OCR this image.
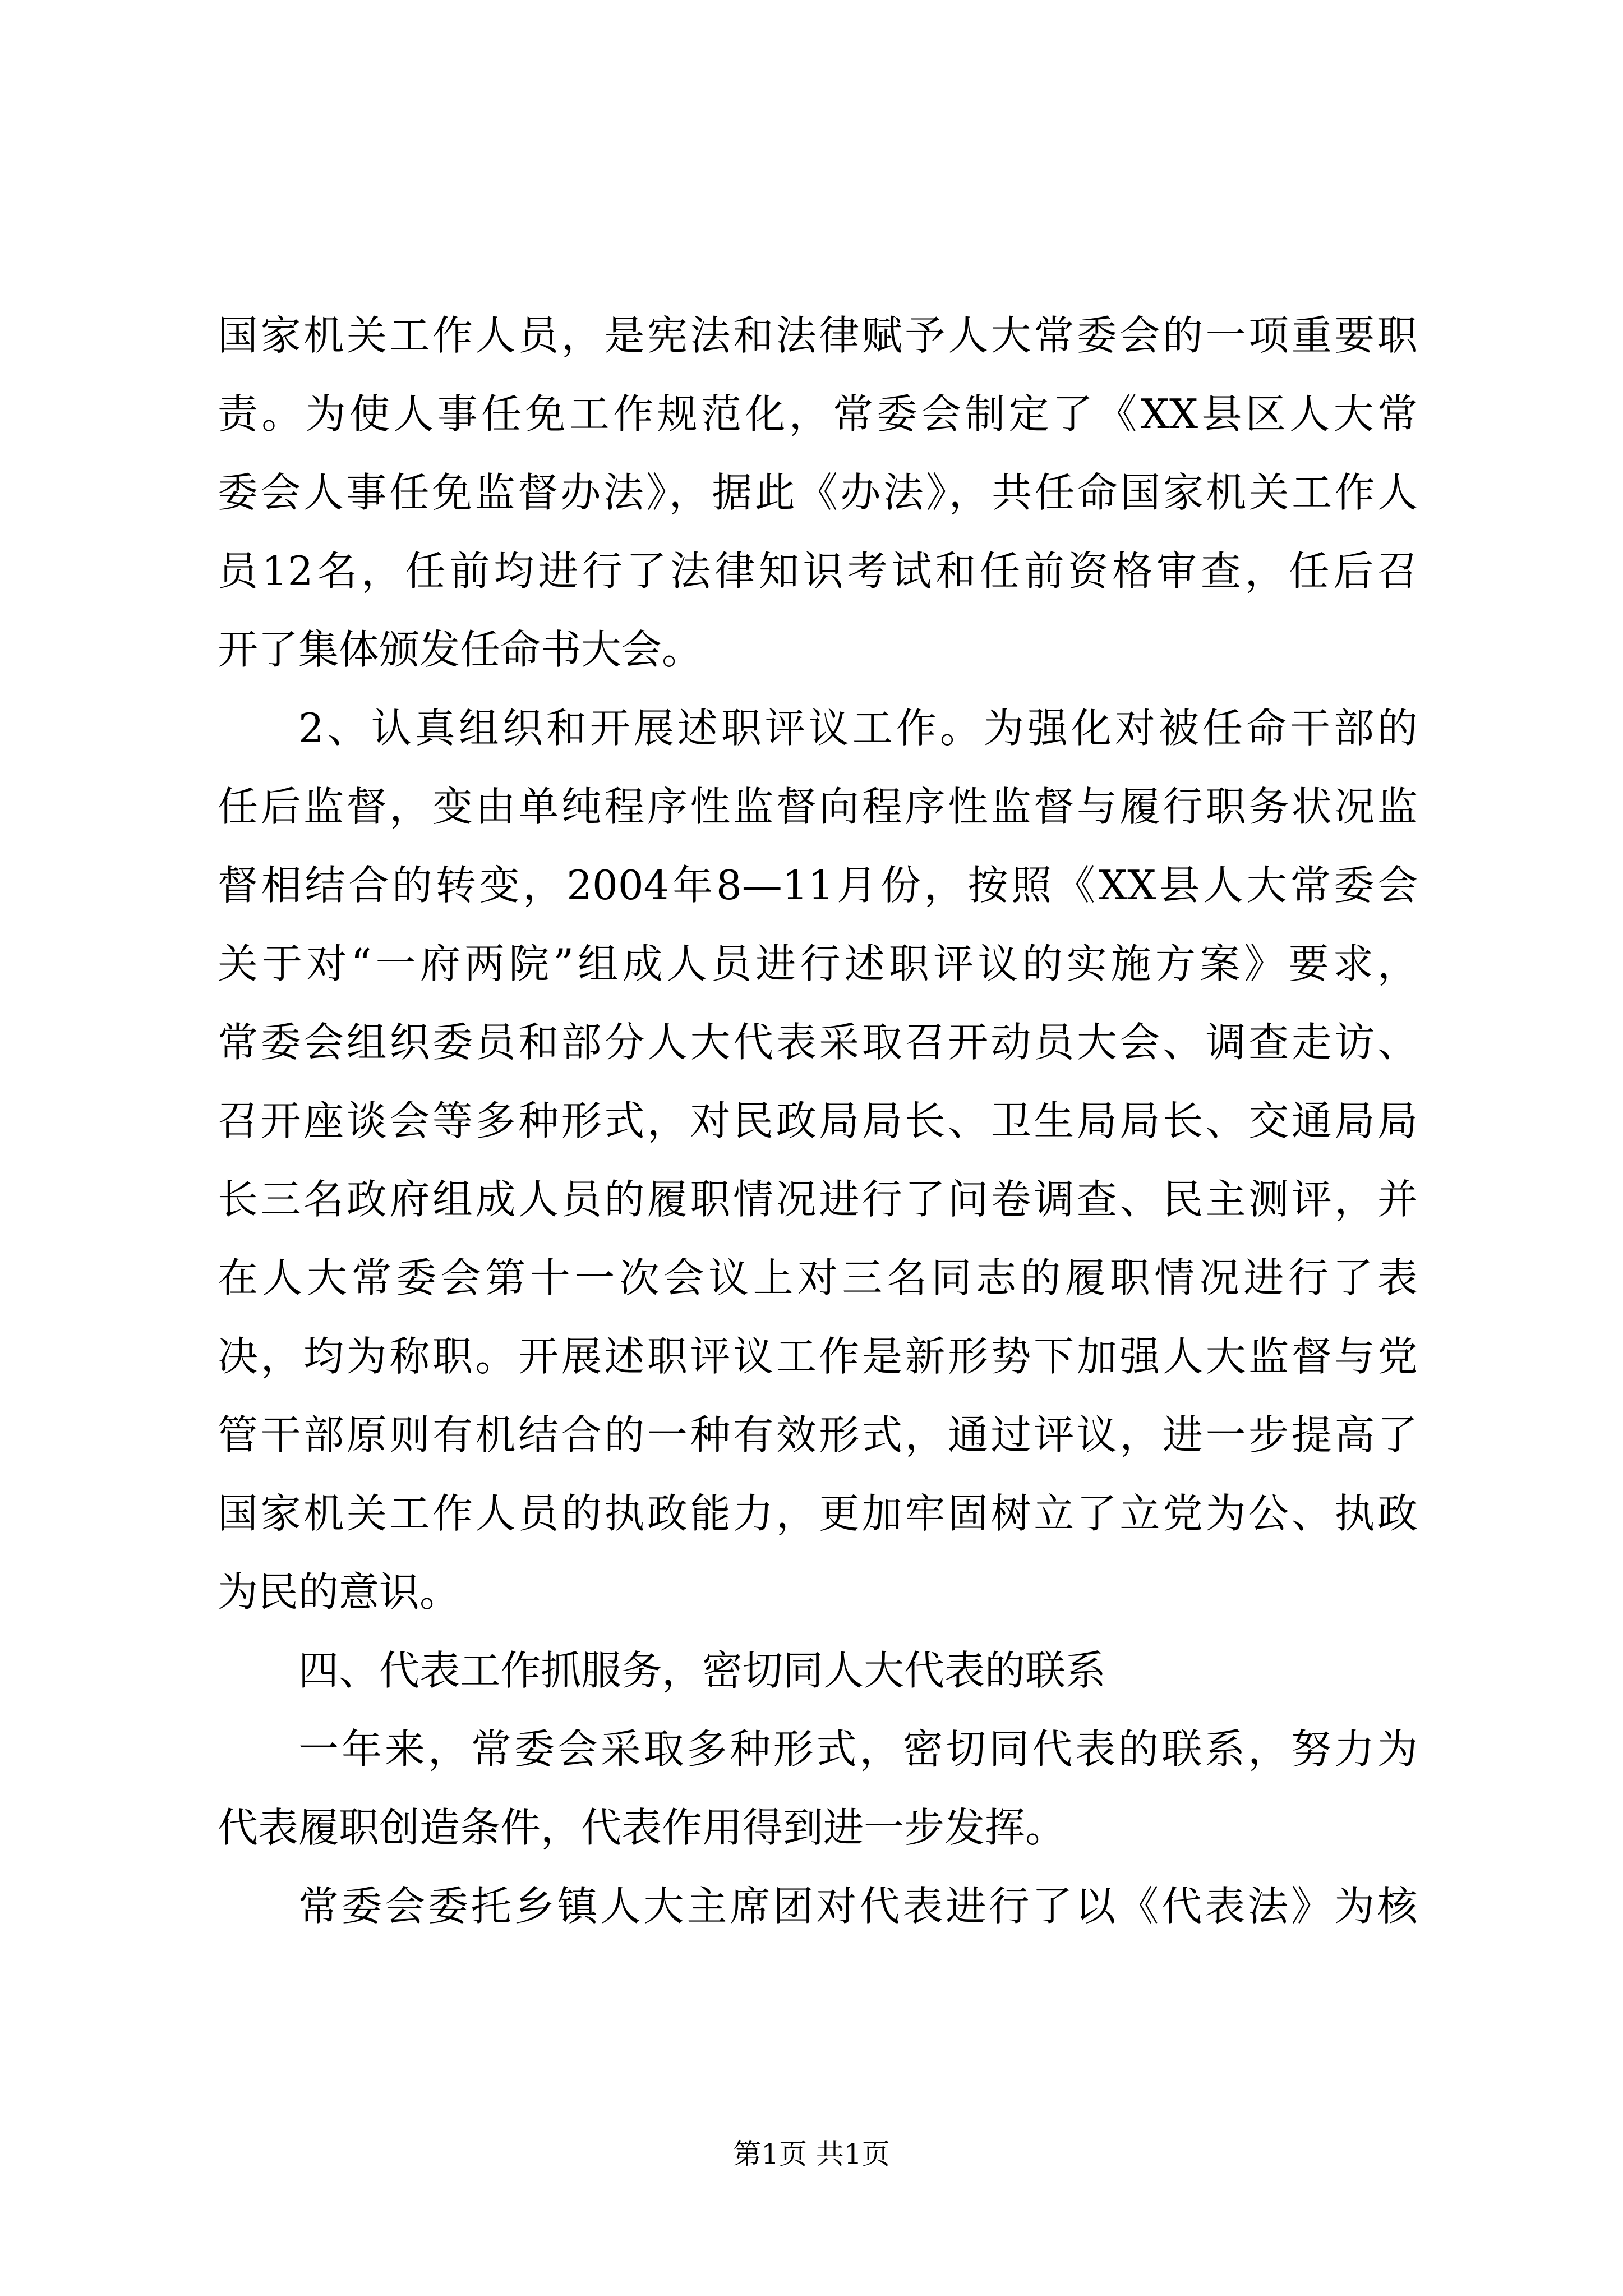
国家机关工作人员，是宪法和法律赋予人大常委会的一项重要职
责。为使人事任免工作规范化，常委会制定了《XX县区人大常
委会人事任免监督办法》，据此《办法》，共任命国家机关工作人
员12名，任前均进行了法律知识考试和任前资格审查，任后召
开了集体颁发任命书大会。
2、认真组织和开展述职评议工作。为强化对被任命干部的
任后监督，变由单纯程序性监督向程序性监督与履行职务状况监
督相结合的转变，2004年8—11月份，按照《XX县人大常委会
关于对“一府两院”组成人员进行述职评议的实施方案》要求，
常委会组织委员和部分人大代表采取召开动员大会、调查走访、
召开座谈会等多种形式，对民政局局长、卫生局局长、交通局局
长三名政府组成人员的履职情况进行了问卷调查、民主测评，并
在人大常委会第十一次会议上对三名同志的履职情况进行了表
决，均为称职。开展述职评议工作是新形势下加强人大监督与党
管干部原则有机结合的一种有效形式，通过评议，进一步提高了
国家机关工作人员的执政能力，更加牢固树立了立党为公、执政
为民的意识。
四、代表工作抓服务，密切同人大代表的联系
一年来，常委会采取多种形式，密切同代表的联系，努力为
代表履职创造条件，代表作用得到进一步发挥。
常委会委托乡镇人大主席团对代表进行了以《代表法》为核
第1页 共1页
